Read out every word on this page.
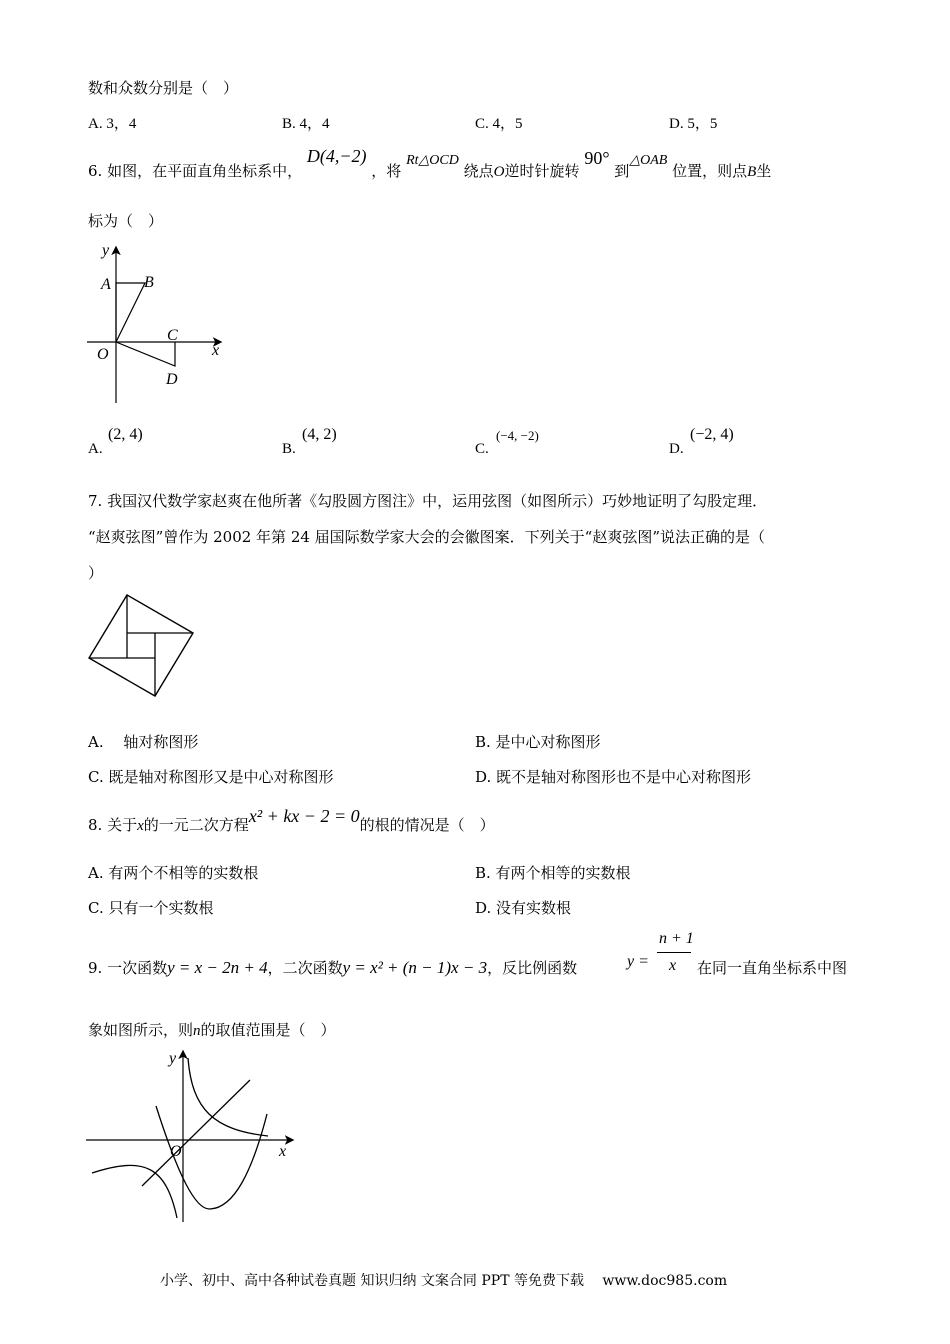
数和众数分别是（　）
A. 3，4	B. 4，4	C. 4，5	D. 5，5
6. 如图，在平面直角坐标系中， D(4,−2) ，将 Rt△OCD 绕点O逆时针旋转 90° 到△OAB 位置，则点B坐
标为（　）
y
x
A B
C
D
O
A.
(2, 4)
B.
(4, 2)
C.
(−4, −2)
D.
(−2, 4)
7. 我国汉代数学家赵爽在他所著《勾股圆方图注》中，运用弦图（如图所示）巧妙地证明了勾股定理．
“赵爽弦图”曾作为 2002 年第 24 届国际数学家大会的会徽图案．下列关于“赵爽弦图”说法正确的是（
）
A.　 轴对称图形	B. 是中心对称图形
C. 既是轴对称图形又是中心对称图形	D. 既不是轴对称图形也不是中心对称图形
8. 关于x的一元二次方程x² + kx − 2 = 0的根的情况是（　）
A. 有两个不相等的实数根	B. 有两个相等的实数根
C. 只有一个实数根	D. 没有实数根
9. 一次函数y = x − 2n + 4，二次函数y = x² + (n − 1)x − 3，反比例函数	y =
n + 1
x 在同一直角坐标系中图
象如图所示，则n的取值范围是（　）
y
x
O
小学、初中、高中各种试卷真题 知识归纳 文案合同 PPT 等免费下载　 www.doc985.com
